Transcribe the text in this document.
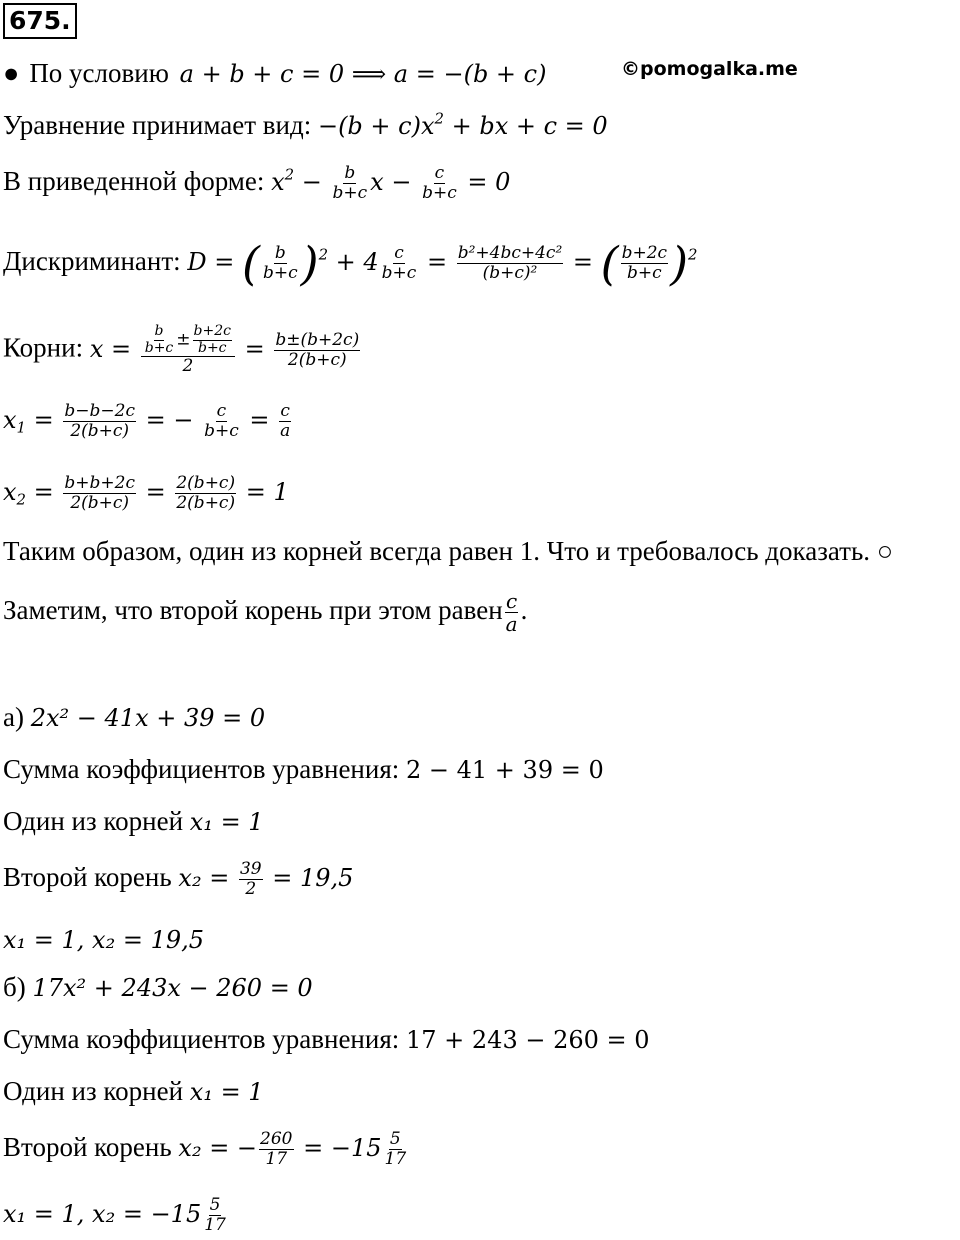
675.
©pomogalka.me
● По условию a + b + c = 0 ⟹ a = −(b + c)
Уравнение принимает вид: $-(b + c)x^2$ + bx + c = 0
В приведенной форме: $x^2 - \frac{b}{b+c}$ $x - \frac{c}{b+c} = 0$
Дискриминант: D = ( $\frac{b}{b+c} )^2 + 4 \frac{c}{b+c} = \frac{\text{b²+4bc+4c²}}{\text{(b+c)²}}$ = ( $\frac{b+2c}{b+c} )^2$
Корни: $x = \frac{\frac{b}{b+c} \pm \frac{b+2c}{b+c}}{2} = \frac{b\pm(b+2c)}{2(b+c)}$
$x_1 = \frac{b-b-2c}{2(b+c)}$ = − $\frac{c}{b+c} = \frac{c}{a}$
$x_2 = \frac{b+b+2c}{2(b+c)} = \frac{2(b+c)}{2(b+c)} = 1$
Таким образом, один из корней всегда равен 1. Что и требовалось доказать. ○
Заметим, что второй корень при этом равен $\frac{c}{a}$ .
а) 2x² − 41x + 39 = 0
Сумма коэффициентов уравнения: 2 − 41 + 39 = 0
Один из корней x₁ = 1
Второй корень $x_2 = \frac{39}{2} = 19,5$
x₁ = 1, x₂ = 19,5
б) 17x² + 243x − 260 = 0
Сумма коэффициентов уравнения: 17 + 243 − 260 = 0
Один из корней x₁ = 1
Второй корень x₂ = − $\frac{260}{17} = -15 \frac{5}{17}$
x₁ = 1, $x_2 = -15 \frac{5}{17}$
